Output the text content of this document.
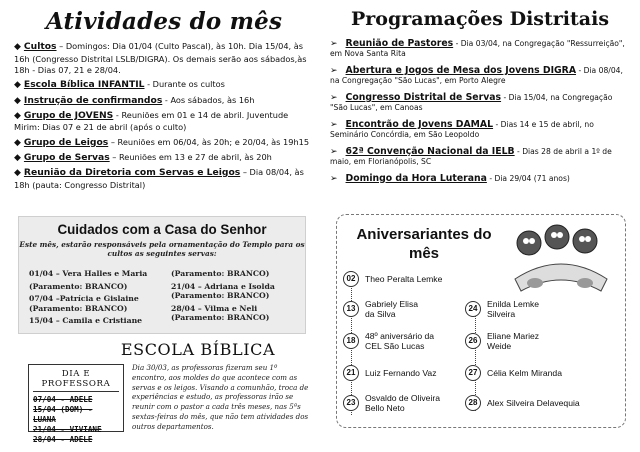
Atividades do mês
◆ Cultos – Domingos: Dia 01/04 (Culto Pascal), às 10h. Dia 15/04, às 16h (Congresso Distrital LSLB/DIGRA). Os demais serão aos sábados,às 18h - Dias 07, 21 e 28/04.
◆ Escola Bíblica INFANTIL - Durante os cultos
◆ Instrução de confirmandos - Aos sábados, às 16h
◆ Grupo de JOVENS - Reuniões em 01 e 14 de abril. Juventude Mirim: Dias 07 e 21 de abril (após o culto)
◆ Grupo de Leigos – Reuniões em 06/04, às 20h; e 20/04, às 19h15
◆ Grupo de Servas – Reuniões em 13 e 27 de abril, às 20h
◆ Reunião da Diretoria com Servas e Leigos – Dia 08/04, às 18h (pauta: Congresso Distrital)
Programações Distritais
➢ Reunião de Pastores - Dia 03/04, na Congregação "Ressurreição", em Nova Santa Rita
➢ Abertura e Jogos de Mesa dos Jovens DIGRA - Dia 08/04, na Congregação "São Lucas", em Porto Alegre
➢ Congresso Distrital de Servas - Dia 15/04, na Congregação "São Lucas", em Canoas
➢ Encontrão de Jovens DAMAL - Dias 14 e 15 de abril, no Seminário Concórdia, em São Leopoldo
➢ 62ª Convenção Nacional da IELB - Dias 28 de abril a 1º de maio, em Florianópolis, SC
➢ Domingo da Hora Luterana - Dia 29/04 (71 anos)
Cuidados com a Casa do Senhor
Este mês, estarão responsáveis pela ornamentação do Templo para os cultos as seguintes servas:
01/04 – Vera Halles e Maria
(Paramento: BRANCO)
07/04 –Patrícia e Gislaine
(Paramento: BRANCO)
15/04 – Camila e Cristiane
(Paramento: BRANCO)
21/04 – Adriana e Isolda
(Paramento: BRANCO)
28/04 – Vilma e Neli
(Paramento: BRANCO)
ESCOLA BÍBLICA
DIA E PROFESSORA
07/04 - ADELE
15/04 (DOM) - LUANA
21/04 - VIVIANE
28/04 - ADELE
Dia 30/03, as professoras fizeram seu 1º encontro, aos moldes do que acontece com as servas e os leigos. Visando a comunhão, troca de experiências e estudo, as professoras irão se reunir com o pastor a cada três meses, nas 5ªs sextas-feiras do mês, que não tem atividades dos outros departamentos.
Aniversariantes do mês
02	Theo Peralta Lemke
13	Gabriely Elisa da Silva
18	48º aniversário da CEL São Lucas
21	Luiz Fernando Vaz
23	Osvaldo de Oliveira Bello Neto
24	Enilda Lemke Silveira
26	Eliane Mariez Weide
27	Célia Kelm Miranda
28	Alex Silveira Delavequia
